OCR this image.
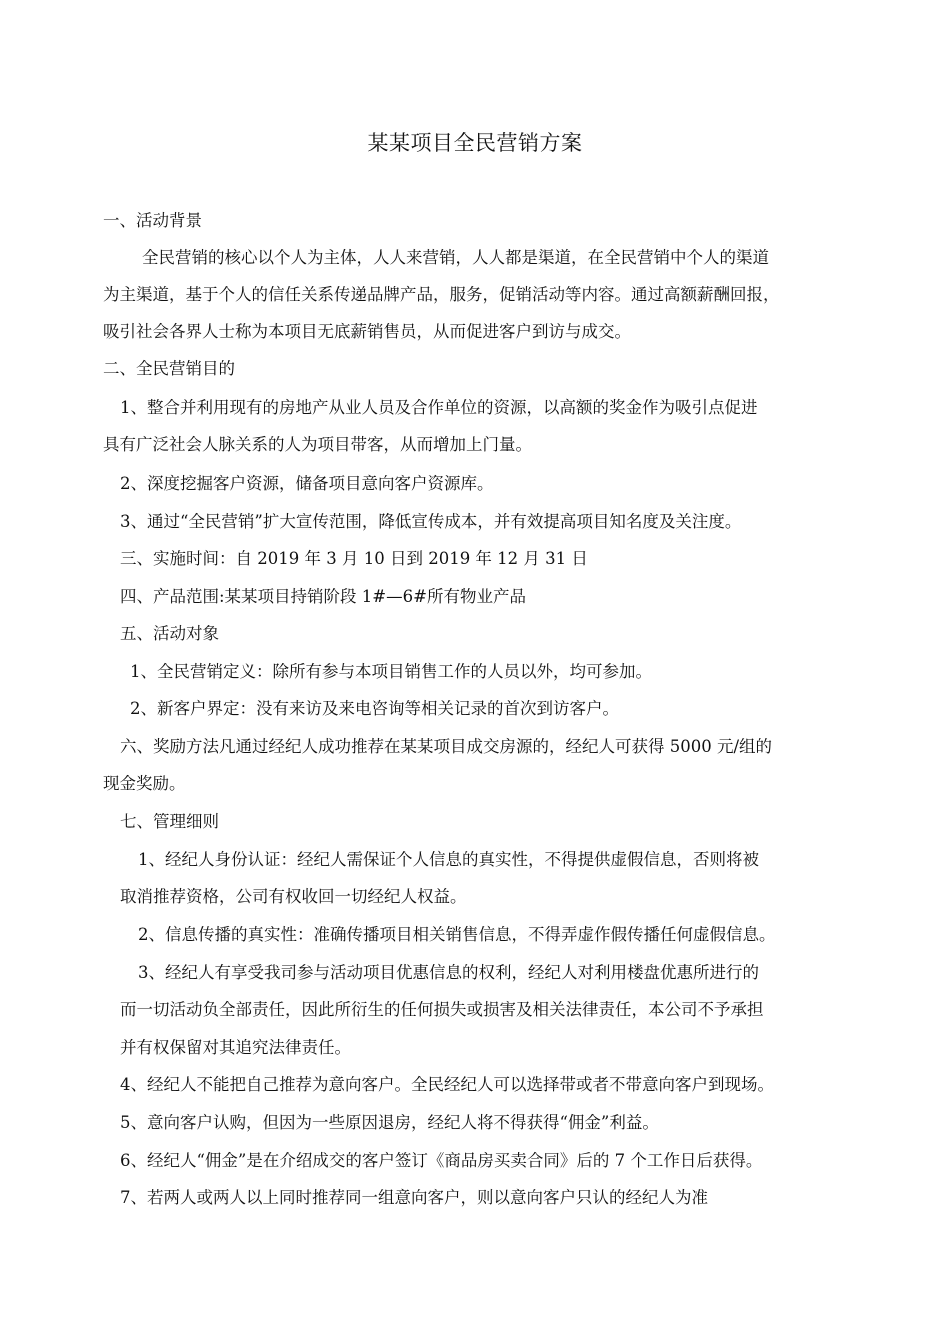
某某项目全民营销方案
一、活动背景
全民营销的核心以个人为主体，人人来营销，人人都是渠道，在全民营销中个人的渠道
为主渠道，基于个人的信任关系传递品牌产品，服务，促销活动等内容。通过高额薪酬回报，
吸引社会各界人士称为本项目无底薪销售员，从而促进客户到访与成交。
二、全民营销目的
1、整合并利用现有的房地产从业人员及合作单位的资源，以高额的奖金作为吸引点促进
具有广泛社会人脉关系的人为项目带客，从而增加上门量。
2、深度挖掘客户资源，储备项目意向客户资源库。
3、通过“全民营销”扩大宣传范围，降低宣传成本，并有效提高项目知名度及关注度。
三、实施时间：自 2019 年 3 月 10 日到 2019 年 12 月 31 日
四、产品范围:某某项目持销阶段 1#—6#所有物业产品
五、活动对象
1、全民营销定义：除所有参与本项目销售工作的人员以外，均可参加。
2、新客户界定：没有来访及来电咨询等相关记录的首次到访客户。
六、奖励方法凡通过经纪人成功推荐在某某项目成交房源的，经纪人可获得 5000 元/组的
现金奖励。
七、管理细则
1、经纪人身份认证：经纪人需保证个人信息的真实性，不得提供虚假信息，否则将被
取消推荐资格，公司有权收回一切经纪人权益。
2、信息传播的真实性：准确传播项目相关销售信息，不得弄虚作假传播任何虚假信息。
3、经纪人有享受我司参与活动项目优惠信息的权利，经纪人对利用楼盘优惠所进行的
而一切活动负全部责任，因此所衍生的任何损失或损害及相关法律责任，本公司不予承担
并有权保留对其追究法律责任。
4、经纪人不能把自己推荐为意向客户。全民经纪人可以选择带或者不带意向客户到现场。
5、意向客户认购，但因为一些原因退房，经纪人将不得获得“佣金”利益。
6、经纪人“佣金”是在介绍成交的客户签订《商品房买卖合同》后的 7 个工作日后获得。
7、若两人或两人以上同时推荐同一组意向客户，则以意向客户只认的经纪人为准
